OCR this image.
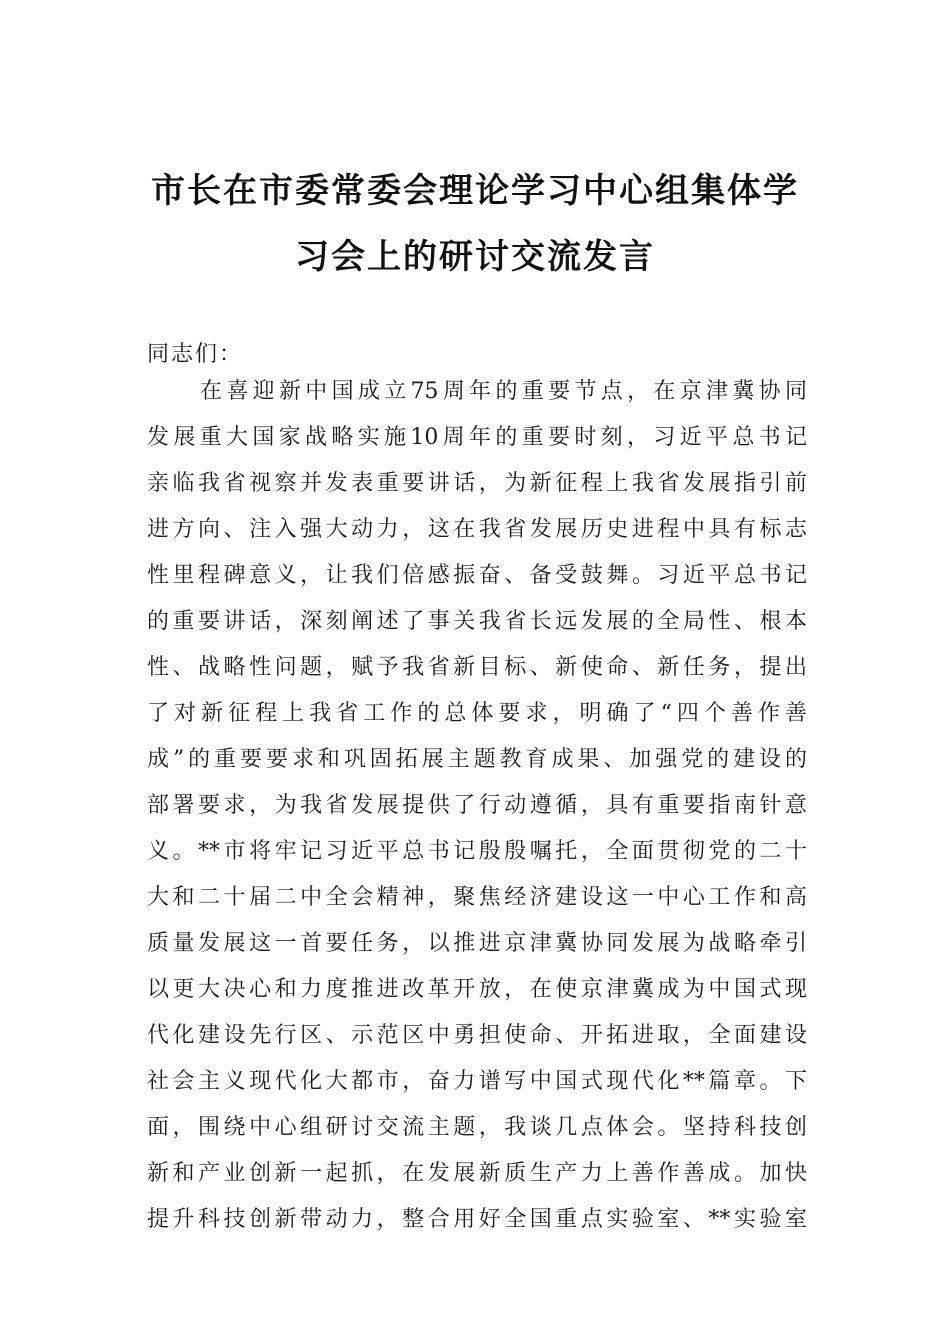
市长在市委常委会理论学习中心组集体学
习会上的研讨交流发言
同志们：
在喜迎新中国成立75周年的重要节点，在京津冀协同
发展重大国家战略实施10周年的重要时刻，习近平总书记
亲临我省视察并发表重要讲话，为新征程上我省发展指引前
进方向、注入强大动力，这在我省发展历史进程中具有标志
性里程碑意义，让我们倍感振奋、备受鼓舞。习近平总书记
的重要讲话，深刻阐述了事关我省长远发展的全局性、根本
性、战略性问题，赋予我省新目标、新使命、新任务，提出
了对新征程上我省工作的总体要求，明确了“四个善作善
成”的重要要求和巩固拓展主题教育成果、加强党的建设的
部署要求，为我省发展提供了行动遵循，具有重要指南针意
义。**市将牢记习近平总书记殷殷嘱托，全面贯彻党的二十
大和二十届二中全会精神，聚焦经济建设这一中心工作和高
质量发展这一首要任务，以推进京津冀协同发展为战略牵引
以更大决心和力度推进改革开放，在使京津冀成为中国式现
代化建设先行区、示范区中勇担使命、开拓进取，全面建设
社会主义现代化大都市，奋力谱写中国式现代化**篇章。下
面，围绕中心组研讨交流主题，我谈几点体会。坚持科技创
新和产业创新一起抓，在发展新质生产力上善作善成。加快
提升科技创新带动力，整合用好全国重点实验室、**实验室
